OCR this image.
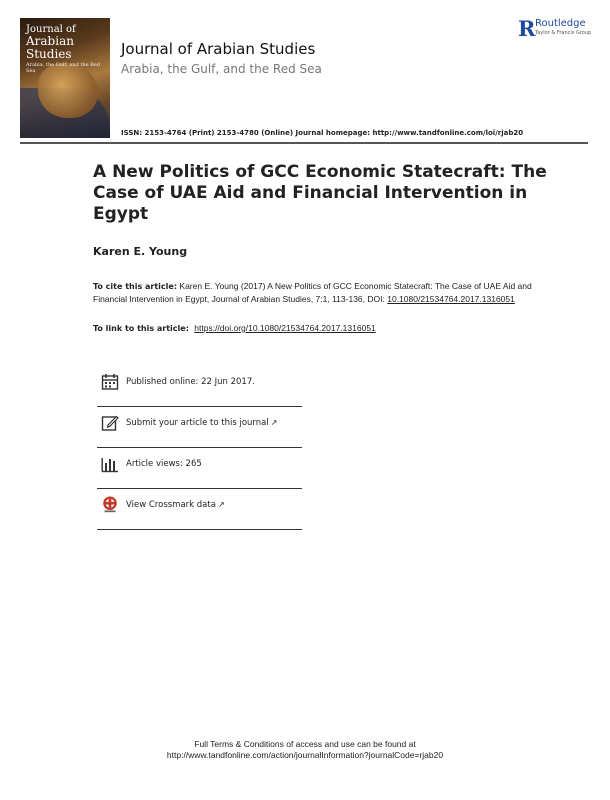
Journal of
Arabian Studies
Arabia, the Gulf, and the Red Sea
Journal of Arabian Studies
Arabia, the Gulf, and the Red Sea
R Routledge
Taylor & Francis Group
ISSN: 2153-4764 (Print) 2153-4780 (Online) Journal homepage: http://www.tandfonline.com/loi/rjab20
A New Politics of GCC Economic Statecraft: The Case of UAE Aid and Financial Intervention in Egypt
Karen E. Young
To cite this article: Karen E. Young (2017) A New Politics of GCC Economic Statecraft: The Case of UAE Aid and Financial Intervention in Egypt, Journal of Arabian Studies, 7:1, 113-136, DOI: 10.1080/21534764.2017.1316051
To link to this article: https://doi.org/10.1080/21534764.2017.1316051
Published online: 22 Jun 2017.
Submit your article to this journal ↗
Article views: 265
View Crossmark data ↗
Full Terms & Conditions of access and use can be found at
http://www.tandfonline.com/action/journalInformation?journalCode=rjab20
